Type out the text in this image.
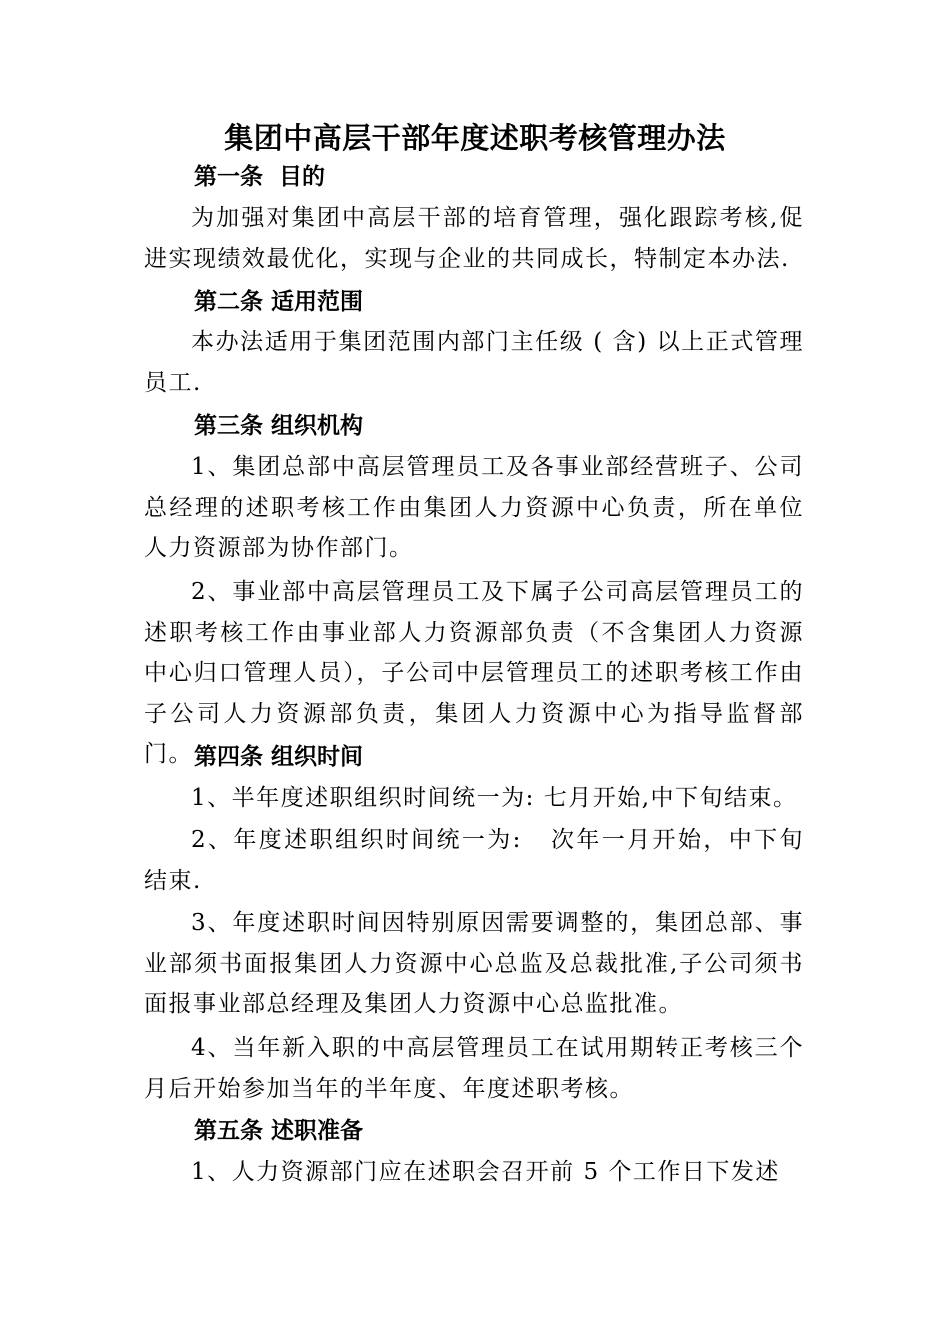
集团中高层干部年度述职考核管理办法
第一条  目的
为加强对集团中高层干部的培育管理，强化跟踪考核,促进实现绩效最优化，实现与企业的共同成长，特制定本办法.
第二条 适用范围
本办法适用于集团范围内部门主任级 ( 含) 以上正式管理员工.
第三条 组织机构
1、集团总部中高层管理员工及各事业部经营班子、公司总经理的述职考核工作由集团人力资源中心负责，所在单位人力资源部为协作部门。
2、事业部中高层管理员工及下属子公司高层管理员工的述职考核工作由事业部人力资源部负责（不含集团人力资源中心归口管理人员），子公司中层管理员工的述职考核工作由子公司人力资源部负责，集团人力资源中心为指导监督部门。 第四条 组织时间
1、半年度述职组织时间统一为: 七月开始,中下旬结束。
2、年度述职组织时间统一为:   次年一月开始，中下旬结束.
3、年度述职时间因特别原因需要调整的，集团总部、事业部须书面报集团人力资源中心总监及总裁批准,子公司须书面报事业部总经理及集团人力资源中心总监批准。
4、当年新入职的中高层管理员工在试用期转正考核三个月后开始参加当年的半年度、年度述职考核。
第五条 述职准备
1、人力资源部门应在述职会召开前 5 个工作日下发述
